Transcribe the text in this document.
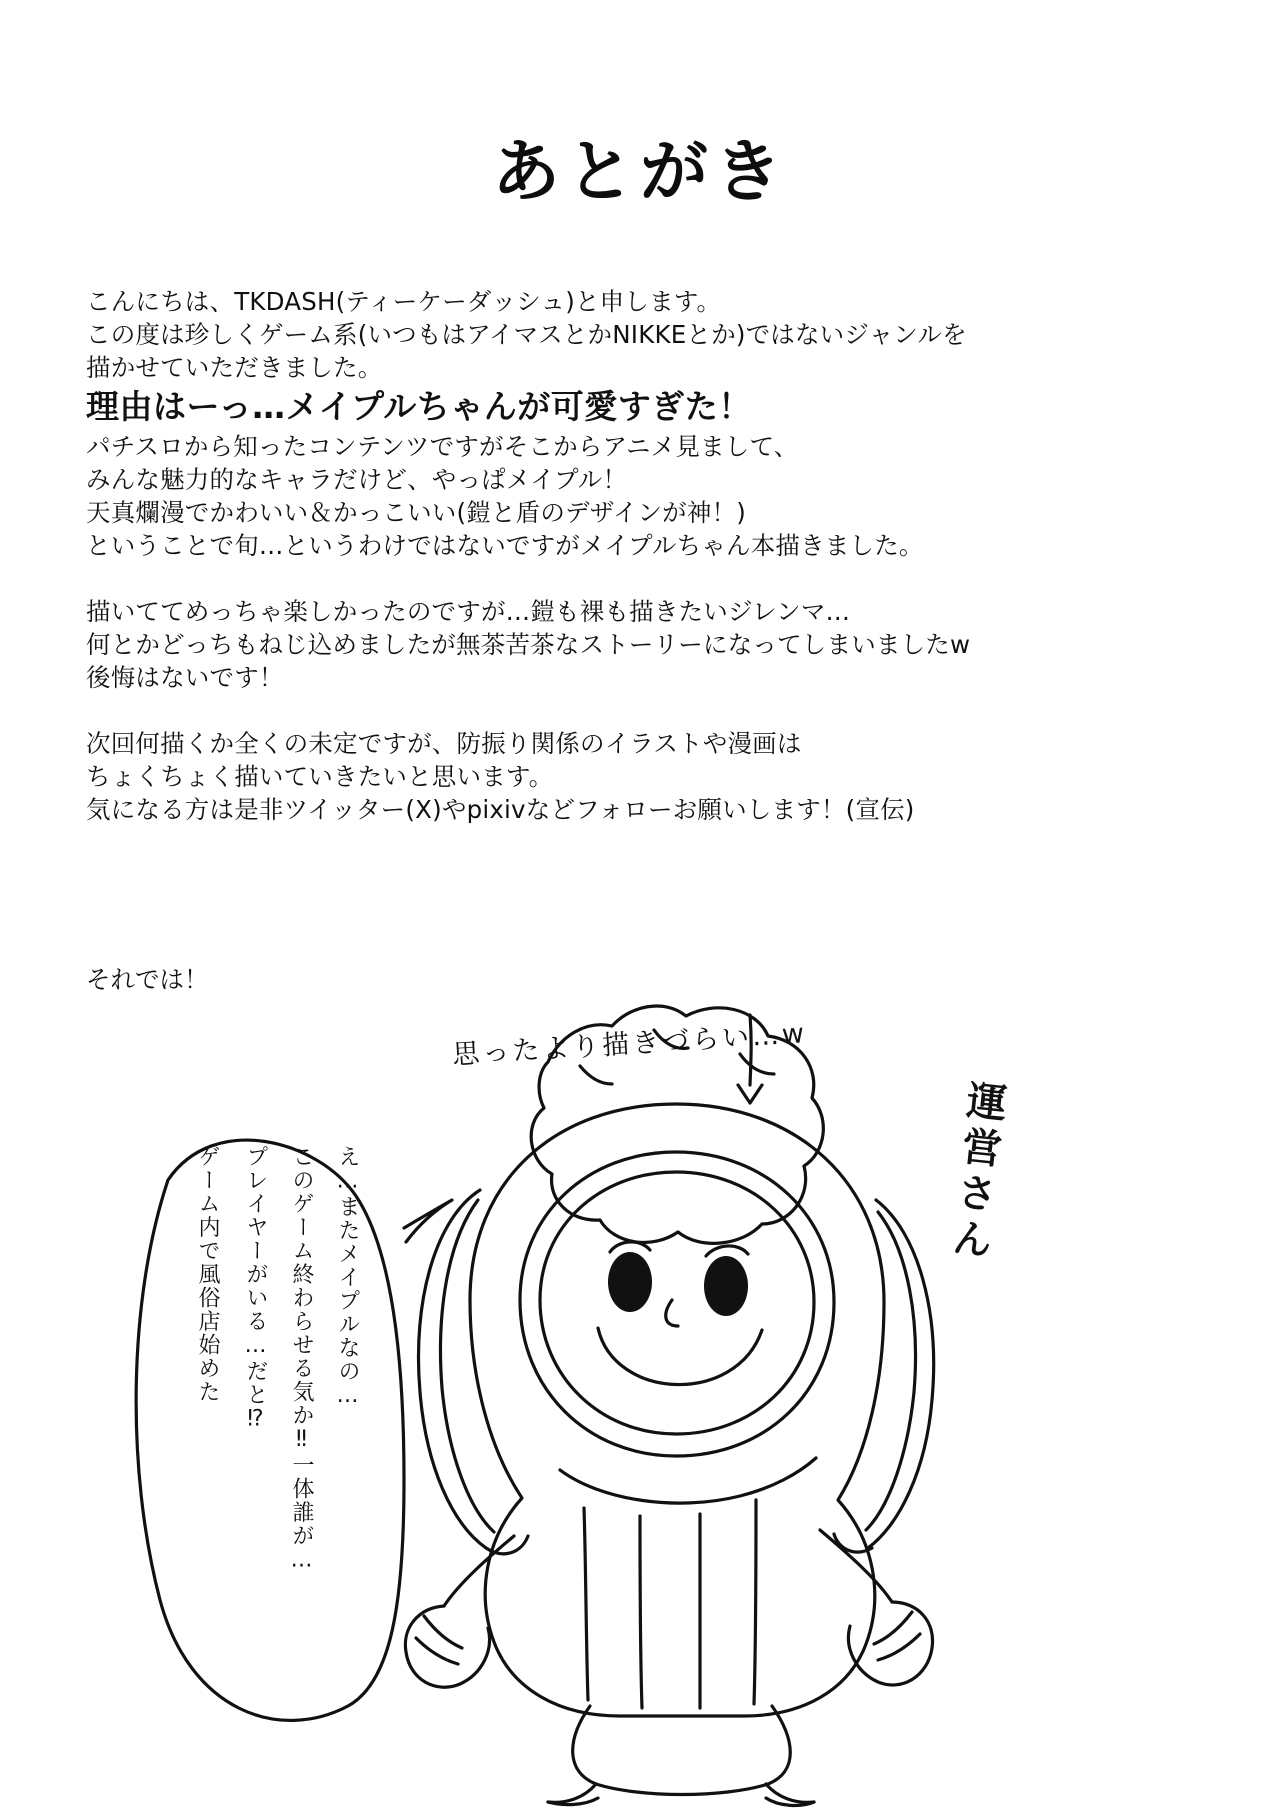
あとがき
こんにちは、TKDASH(ティーケーダッシュ)と申します。
この度は珍しくゲーム系(いつもはアイマスとかNIKKEとか)ではないジャンルを
描かせていただきました。
理由はーっ…メイプルちゃんが可愛すぎた！
パチスロから知ったコンテンツですがそこからアニメ見まして、
みんな魅力的なキャラだけど、やっぱメイプル！
天真爛漫でかわいい＆かっこいい(鎧と盾のデザインが神！)
ということで旬…というわけではないですがメイプルちゃん本描きました。
描いててめっちゃ楽しかったのですが…鎧も裸も描きたいジレンマ…
何とかどっちもねじ込めましたが無茶苦茶なストーリーになってしまいましたw
後悔はないです！
次回何描くか全くの未定ですが、防振り関係のイラストや漫画は
ちょくちょく描いていきたいと思います。
気になる方は是非ツイッター(X)やpixivなどフォローお願いします！(宣伝)
それでは！
思ったより描きづらい…w
運営さん
ゲーム内で風俗店始めた プレイヤーがいる…だと⁉ このゲーム終わらせる気か‼一体誰が… え…またメイプルなの…
